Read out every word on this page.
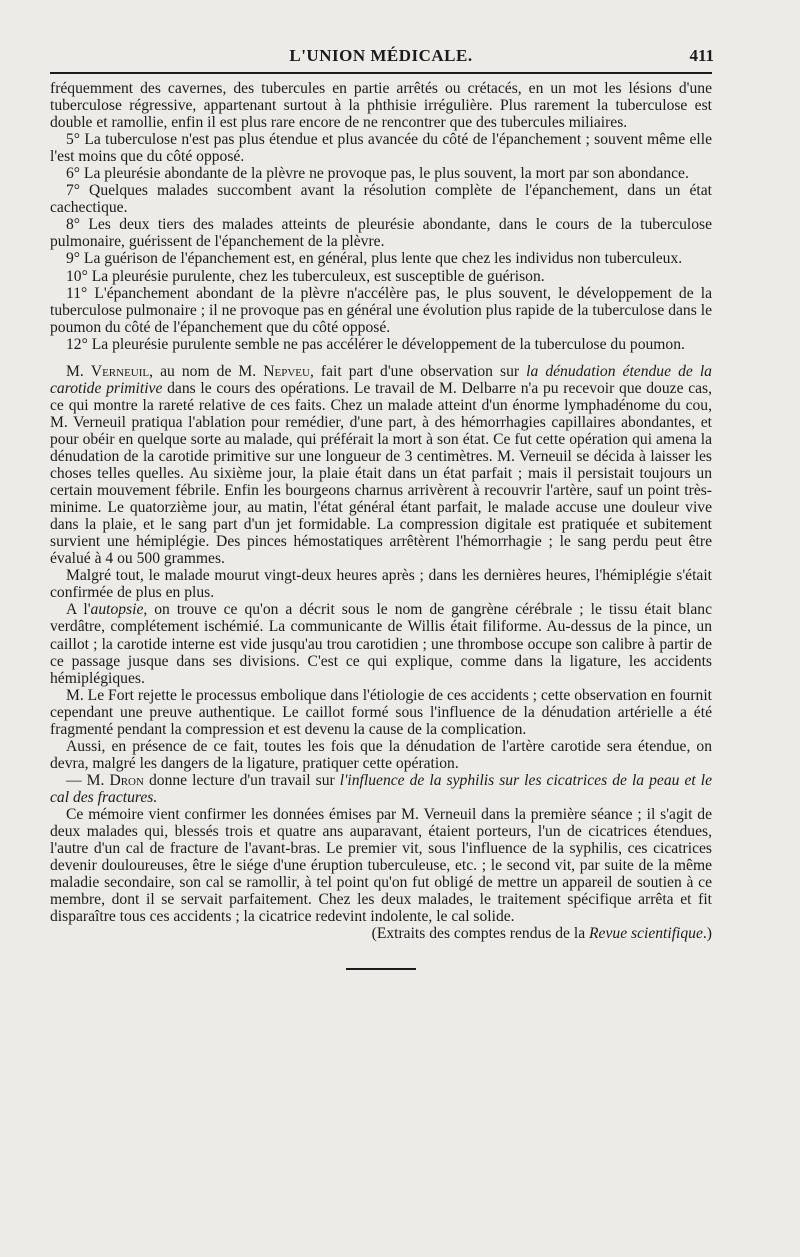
L'UNION MÉDICALE.	411

fréquemment des cavernes, des tubercules en partie arrêtés ou crétacés, en un mot les lésions d'une tuberculose régressive, appartenant surtout à la phthisie irrégulière. Plus rarement la tuberculose est double et ramollie, enfin il est plus rare encore de ne rencontrer que des tubercules miliaires.

5° La tuberculose n'est pas plus étendue et plus avancée du côté de l'épanchement ; souvent même elle l'est moins que du côté opposé.

6° La pleurésie abondante de la plèvre ne provoque pas, le plus souvent, la mort par son abondance.

7° Quelques malades succombent avant la résolution complète de l'épanchement, dans un état cachectique.

8° Les deux tiers des malades atteints de pleurésie abondante, dans le cours de la tuberculose pulmonaire, guérissent de l'épanchement de la plèvre.

9° La guérison de l'épanchement est, en général, plus lente que chez les individus non tuberculeux.

10° La pleurésie purulente, chez les tuberculeux, est susceptible de guérison.

11° L'épanchement abondant de la plèvre n'accélère pas, le plus souvent, le développement de la tuberculose pulmonaire ; il ne provoque pas en général une évolution plus rapide de la tuberculose dans le poumon du côté de l'épanchement que du côté opposé.

12° La pleurésie purulente semble ne pas accélérer le développement de la tuberculose du poumon.

M. Verneuil, au nom de M. Nepveu, fait part d'une observation sur la dénudation étendue de la carotide primitive dans le cours des opérations. Le travail de M. Delbarre n'a pu recevoir que douze cas, ce qui montre la rareté relative de ces faits. Chez un malade atteint d'un énorme lymphadénome du cou, M. Verneuil pratiqua l'ablation pour remédier, d'une part, à des hémorrhagies capillaires abondantes, et pour obéir en quelque sorte au malade, qui préférait la mort à son état. Ce fut cette opération qui amena la dénudation de la carotide primitive sur une longueur de 3 centimètres. M. Verneuil se décida à laisser les choses telles quelles. Au sixième jour, la plaie était dans un état parfait ; mais il persistait toujours un certain mouvement fébrile. Enfin les bourgeons charnus arrivèrent à recouvrir l'artère, sauf un point très-minime. Le quatorzième jour, au matin, l'état général étant parfait, le malade accuse une douleur vive dans la plaie, et le sang part d'un jet formidable. La compression digitale est pratiquée et subitement survient une hémiplégie. Des pinces hémostatiques arrêtèrent l'hémorrhagie ; le sang perdu peut être évalué à 4 ou 500 grammes.

Malgré tout, le malade mourut vingt-deux heures après ; dans les dernières heures, l'hémiplégie s'était confirmée de plus en plus.

A l'autopsie, on trouve ce qu'on a décrit sous le nom de gangrène cérébrale ; le tissu était blanc verdâtre, complétement ischémié. La communicante de Willis était filiforme. Au-dessus de la pince, un caillot ; la carotide interne est vide jusqu'au trou carotidien ; une thrombose occupe son calibre à partir de ce passage jusque dans ses divisions. C'est ce qui explique, comme dans la ligature, les accidents hémiplégiques.

M. Le Fort rejette le processus embolique dans l'étiologie de ces accidents ; cette observation en fournit cependant une preuve authentique. Le caillot formé sous l'influence de la dénudation artérielle a été fragmenté pendant la compression et est devenu la cause de la complication.

Aussi, en présence de ce fait, toutes les fois que la dénudation de l'artère carotide sera étendue, on devra, malgré les dangers de la ligature, pratiquer cette opération.

— M. Dron donne lecture d'un travail sur l'influence de la syphilis sur les cicatrices de la peau et le cal des fractures.

Ce mémoire vient confirmer les données émises par M. Verneuil dans la première séance ; il s'agit de deux malades qui, blessés trois et quatre ans auparavant, étaient porteurs, l'un de cicatrices étendues, l'autre d'un cal de fracture de l'avant-bras. Le premier vit, sous l'influence de la syphilis, ces cicatrices devenir douloureuses, être le siége d'une éruption tuberculeuse, etc. ; le second vit, par suite de la même maladie secondaire, son cal se ramollir, à tel point qu'on fut obligé de mettre un appareil de soutien à ce membre, dont il se servait parfaitement. Chez les deux malades, le traitement spécifique arrêta et fit disparaître tous ces accidents ; la cicatrice redevint indolente, le cal solide.

(Extraits des comptes rendus de la Revue scientifique.)
